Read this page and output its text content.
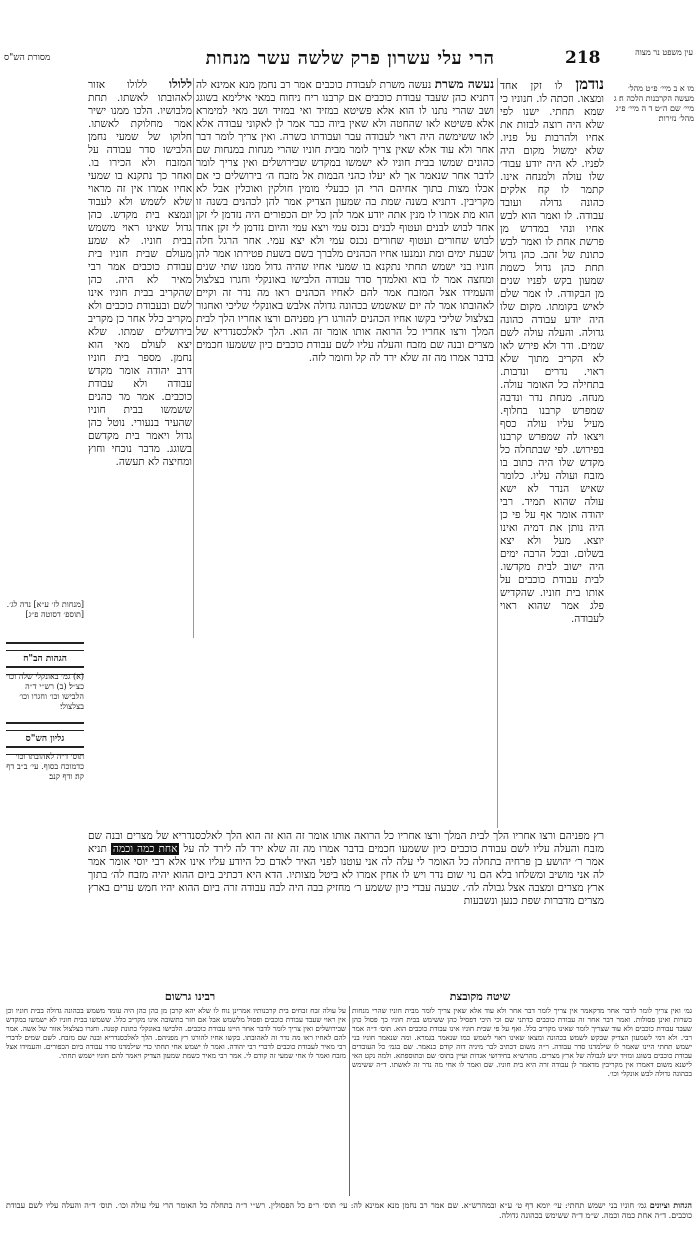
הרי עלי עשרון פרק שלשה עשר מנחות	218	עין משפט נר מצוה
מסורת הש"ס
מו א ב מיי׳ פ״ט מהל׳ מעשה הקרבנות הלכה ח׃ ג מיי׳ שם ה״ט׃ ד ה מיי׳ פ״ג מהל׳ נזירות׃
נודמן לו זקן אחד ומצאו. וזכתה לו. חנוניו כי שמא תחתי. ישנו לפי שלא היה רוצה לבזות את אחיו ולהרבות על פניו. שלא ימשול מקום היה לפניו. לא היה יודע עבוד׳ שלו עולה ולמנחה אינו. קתמר לו קח אלקים כהונה גדולה ועובד עבודה. לו ואמר הוא לבש אחיו ונהי במדרש מן פרשת אחת לו ואמר לבש כתונת של זהב. כהן גדול תחת כהן גדול כשמת שמעון בקש לפניו שנים מן הבקודה. לו אמר שלם לאיש בקומתו. מקום שלו היה יודע עבודה כהונה גדולה. והעלה עולה לשם שמים. ודר ולא פירש לאו לא הקריב מתוך שלא ראוי. נדרים ונדבות. בתחילה כל האומר עולה. מנחה. מנחת נדר ונדבה שמפרש קרבנו בחלוף. מעיל עליו עולה כסף ויצאו לה שמפרש קרבנו בפירוש. לפי שבתחלה כל מקדש שלו היה כתוב בו מזבח ועולה עליו. כלומר שאיש הנדר לא ישא עולה שהוא תמיד. רבי יהודה אומר אף על פי כן היה נותן את דמיה ואינו יוצא. מעל ולא יצא בשלום. ובכל הרבה ימים היה ישוב לבית מקדשו. לבית עבודת כוכבים על אותו בית חוניו. שהקדיש פלג אמר שהוא ראוי לעבודה.
נעשה משרת נעשה משרת לעבודת כוכבים אמר רב נחמן מנא אמינא לה דתניא כהן שעבד עבודת כוכבים אם קרבנו ריח ניחוח במאי אילימא בשוגג ושב שהרי נתנו לו הוא אלא פשיטא במזיד ואי במזיד ושב מאי למימרא אלא פשיטא לאו שהחטה ולא שאין ביוה כבר אמר לן לאקוני עבודה אלא לאו ששימשה היה ראוי לעבודה עבר ועבודתו כשרה. ואין צריך לומר דבר אחר ולא עוד אלא שאין צריך לומר מבית חוניו שהרי מנחות במנחות שם כהונים שמשו בבית חוניו לא ישמשו במקדש שבירושלים ואין צריך לומר לדבר אחר שנאמר אך לא יעלו כהני הבמות אל מזבח ה׳ בירושלים כי אם אכלו מצות בתוך אחיהם הרי הן כבעלי מומין חולקין ואוכלין אבל לא מקריבין. דתניא בשנה שמת בה שמעון הצדיק אמר להן לכהנים בשנה זו הוא מת אמרו לו מנין אתה יודע אמר להן כל יום הכפורים היה נזדמן לי זקן אחד לבוש לבנים ועטוף לבנים נכנס עמי ויצא עמי והיום נזדמן לי זקן אחד לבוש שחורים ועטוף שחורים נכנס עמי ולא יצא עמי. אחר הרגל חלה שבעת ימים ומת ונמנעו אחיו הכהנים מלברך בשם בשעת פטירתו אמר להן חוניו בני ישמש תחתי נתקנא בו שמעי אחיו שהיה גדול ממנו שתי שנים ומחצה אמר לו בוא ואלמדך סדר עבודה הלבישו באונקלי וחגרו בצלצול והעמידו אצל המזבח אמר להם לאחיו הכהנים ראו מה נדר זה וקיים לאהובתו אמר לה יום שאשמש בכהונה גדולה אלבש באונקלי שליכי ואחגור בצלצול שליכי בקשו אחיו הכהנים להורגו רץ מפניהם ורצו אחריו הלך לבית המלך ורצו אחריו כל הרואה אותו אומר זה הוא. הלך לאלכסנדריא של מצרים ובנה שם מזבח והעלה עליו לשם עבודת כוכבים כיון ששמעו חכמים בדבר אמרו מה זה שלא ירד לה קל וחומר לזה.
ללולו ללולו אזור לאהובתו לאשתו. תחת מלבושיו. הלכו ממנו ישיר אמר מחלוקת לאשתו. חלוקו של שמעי נחמן הלבישו סדר עבודה על המזבח ולא הכירו בו. ואחר כך נתקנא בו שמעי אחיו אמרו אין זה מראוי שלא לשמש ולא לעבוד ונמצא בית מקדש. כהן גדול שאינו ראוי משמש בבית חוניו. לא שמע מעולם שבית חוניו בית עבודת כוכבים אמר רבי מאיר לא היה. כהן שהקריב בבית חוניו אינו לשם ובעבודת כוכבים ולא מקריב כלל אחר כן מקריב בירושלים שמתו. שלא יצא לעולם מאי הוא נחמן. מספר בית חוניו דרב יהודה אומר מקדש עבודה ולא עבודת כוכבים. אמר מר כהנים ששמשו בבית חוניו שהעיד בנעורי. נוטל כהן גדול ויאמר בית מקדשם בשוגג. מדבר נוכחי וחוץ ומחיצה לא תעשה.
[מנחות לז׳ ע״א] נדה לג׳. [תוספ׳ דסוטה פ״ג]
הגהות הב"ח
(א) גמ׳ באונקלי שלה וכו׳ כצ״ל׃ (ב) רש״י ד״ה הלבישו וכו׳ וחגרו וכו׳ בצלצולי׃
גליון הש"ס
תוס׳ ד״ה לאהובתו וכו׳ כדמוכח בסוף. עי׳ ב״ב דף קה׃ ודף קנב׃
רץ מפניהם ורצו אחריו הלך לבית המלך ורצו אחריו כל הרואה אותו אומר זה הוא זה הוא הלך לאלכסנדריא של מצרים ובנה שם מזבח והעלה עליו לשם עבודת כוכבים כיון ששמעו חכמים בדבר אמרו מה זה שלא ירד לה לירד לה על אחת כמה וכמה תניא אמר ר׳ יהושע בן פרחיה בתחלה כל האומר לי עלה לה אני עוטנו לפני האיר לאדם כל היודע עליו אינו אלא רבי יוסי אומר אמר לה אני מושיב ומשלחו בלא הם נוי שום נדר ויש לו אחין אמרו לא ביטל מצותיו. הדא היא דכתיב ביום ההוא יהיה מזבח לה׳ בתוך ארץ מצרים ומצבה אצל גבולה לה׳. שבעה עבדי כיון ששמע ר׳ מחזיק בבה היה לבה עבודה זרה ביום ההוא יהיו חמש ערים בארץ מצרים מדברות שפת כנען ונשבעות
שיטה מקובצת
רבינו גרשום
גמ׳ ואין צריך לומר לדבר אחר מדקאמר אין צריך לומר דבר אחר ולא עוד אלא שאין צריך לומר מבית חוניו שהרי מנחות כשרות ואינן פסולות. ואמר דבר אחר זה עבודת כוכבים כדתני שם וכי היכי דפסיל כהן ששימש בבית חוניו כך פסול כהן שעבד עבודת כוכבים ולא עוד שצריך לומר שאינו מקריב כלל. ואף על פי שבית חוניו אינו עבודת כוכבים הוא. תוס׳ ד״ה אמר רבי. ולא דמי לשמעון הצדיק שבקש לשמש בכהונה ומצאו שאינו ראוי לשמש כמו שנאמר בגמרא. ומה שנאמר חוניו בני ישמש תחתי היינו שאמר לו שילמדנו סדר עבודה. ר״ה משום דכתיב לבר מיניה דזה קודם כנאמר. שם בגמ׳ כל העובדים עבודת כוכבים בשוגג ומזיד יגיע לגבולה של ארץ מצרים. מהרש״א בחידושי אגדות ועיין בתוס׳ שם ובתוספתא. ולמה נקט האי לישנא משום דאמרו אין מקריבין מדאמר לן עבודה זרה היא בית חוניו. שם ואמר לו אחי מה נדר זה לאשתו. ד״ה ששימש בכהונה גדולה לבש אונקלי וכו׳.
על עולה זבח זבחים בית קרבנותיו אמרינן נוח לו שלא יהא קרבן מן כהן כהן היה עומד משמש בכהונה גדולה בבית חוניו וכן אין ראוי שעבד עבודת כוכבים ופסול מלשמש אבל אם חזר בתשובה אינו מקריב כלל. ששמשו בבית חוניו לא ישמשו במקדש שבירושלים ואין צריך לומר לדבר אחר היינו עבודת כוכבים. הלבישו באונקלי כתונת קטנה. וחגרו בצלצול אזור של אשה. אמר להם לאחיו ראו מה נדר זה לאהובתו. בקשו אחיו להורגו רץ מפניהם. הלך לאלכסנדריא ובנה שם מזבח. לשם שמים לדברי רבי מאיר לעבודת כוכבים לדברי רבי יהודה. ואמר לו ישמש אחי תחתי כדי שילמדנו סדר עבודה ביום הכפורים. והעמידו אצל מזבח ואמר לו אחי שמעי זה קודם לי. אמר רבי מאיר כשמת שמעון הצדיק ויאמר להם חוניו ישמש תחתי.
הגהות וציונים גמ׳ חוניו בני ישמש תחתי: עי׳ יומא דף ט׳ ע״א ובמהרש״א. שם אמר רב נחמן מנא אמינא לה: עי׳ תוס׳ ר״פ כל הפסולין. רש״י ד״ה בתחלה כל האומר הרי עלי עולה וכו׳. תוס׳ ד״ה והעלה עליו לשם עבודת כוכבים. ד״ה אחת כמה וכמה. ש״מ ד״ה ששימש בכהונה גדולה.
